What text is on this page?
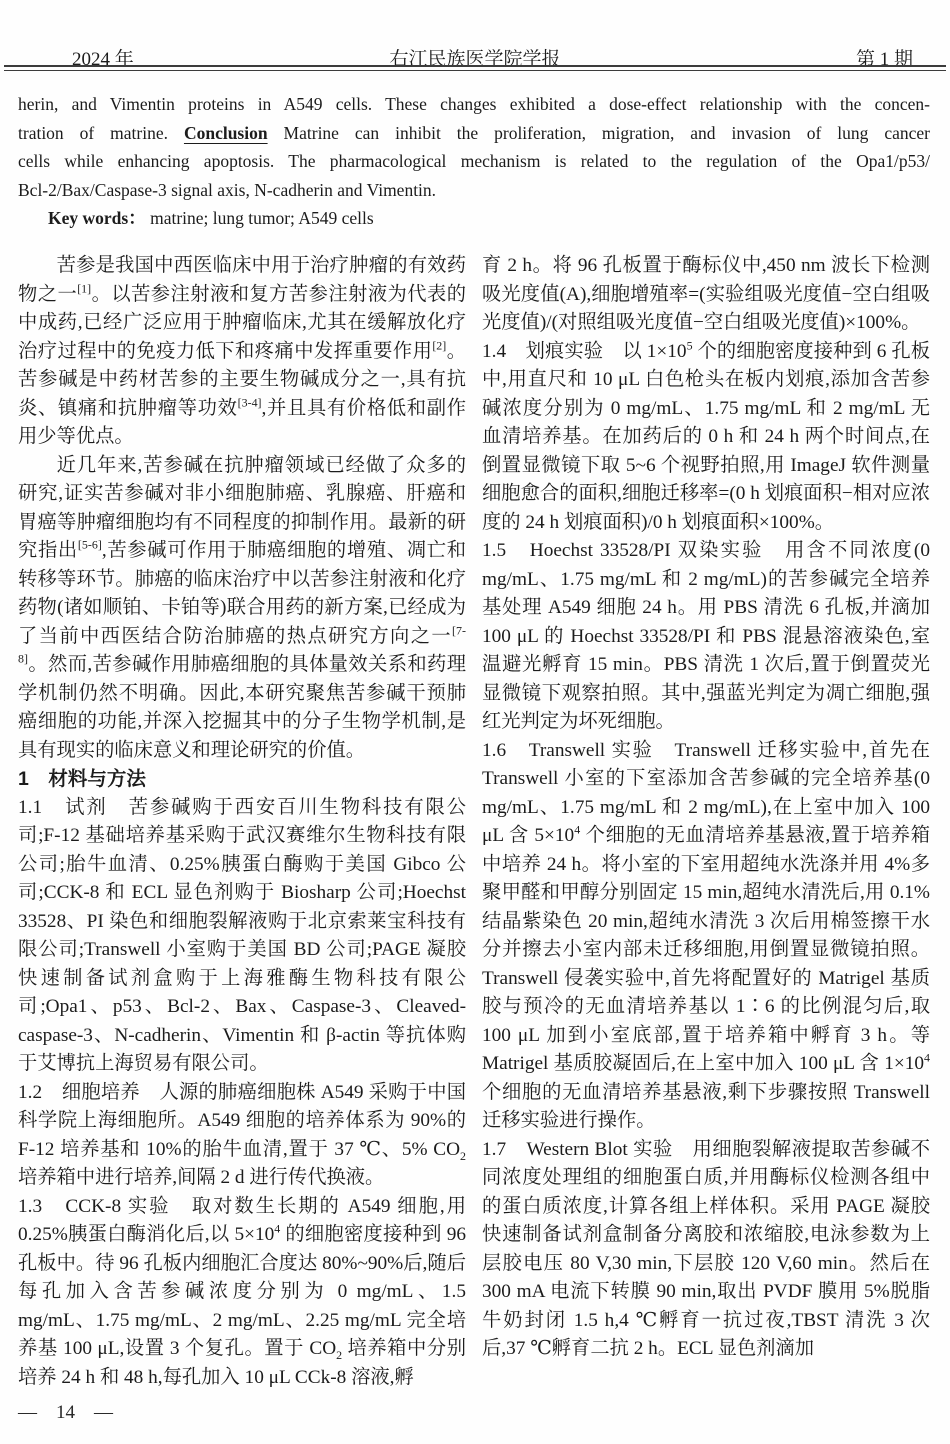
2024 年	右江民族医学院学报	第 1 期
herin, and Vimentin proteins in A549 cells. These changes exhibited a dose-effect relationship with the concen-
tration of matrine. Conclusion Matrine can inhibit the proliferation, migration, and invasion of lung cancer
cells while enhancing apoptosis. The pharmacological mechanism is related to the regulation of the Opa1/p53/
Bcl-2/Bax/Caspase-3 signal axis, N-cadherin and Vimentin.
Key words： matrine; lung tumor; A549 cells

苦参是我国中西医临床中用于治疗肿瘤的有效药物之一[1]。以苦参注射液和复方苦参注射液为代表的中成药,已经广泛应用于肿瘤临床,尤其在缓解放化疗治疗过程中的免疫力低下和疼痛中发挥重要作用[2]。苦参碱是中药材苦参的主要生物碱成分之一,具有抗炎、镇痛和抗肿瘤等功效[3-4],并且具有价格低和副作用少等优点。

近几年来,苦参碱在抗肿瘤领域已经做了众多的研究,证实苦参碱对非小细胞肺癌、乳腺癌、肝癌和胃癌等肿瘤细胞均有不同程度的抑制作用。最新的研究指出[5-6],苦参碱可作用于肺癌细胞的增殖、凋亡和转移等环节。肺癌的临床治疗中以苦参注射液和化疗药物(诸如顺铂、卡铂等)联合用药的新方案,已经成为了当前中西医结合防治肺癌的热点研究方向之一[7-8]。然而,苦参碱作用肺癌细胞的具体量效关系和药理学机制仍然不明确。因此,本研究聚焦苦参碱干预肺癌细胞的功能,并深入挖掘其中的分子生物学机制,是具有现实的临床意义和理论研究的价值。

1　材料与方法

1.1　试剂　苦参碱购于西安百川生物科技有限公司;F-12 基础培养基采购于武汉赛维尔生物科技有限公司;胎牛血清、0.25%胰蛋白酶购于美国 Gibco 公司;CCK-8 和 ECL 显色剂购于 Biosharp 公司;Hoechst 33528、PI 染色和细胞裂解液购于北京索莱宝科技有限公司;Transwell 小室购于美国 BD 公司;PAGE 凝胶快速制备试剂盒购于上海雅酶生物科技有限公司;Opa1、p53、Bcl-2、Bax、Caspase-3、Cleaved-caspase-3、N-cadherin、Vimentin 和 β-actin 等抗体购于艾博抗上海贸易有限公司。

1.2　细胞培养　人源的肺癌细胞株 A549 采购于中国科学院上海细胞所。A549 细胞的培养体系为 90%的 F-12 培养基和 10%的胎牛血清,置于 37 ℃、5% $CO_2$ 培养箱中进行培养,间隔 2 d 进行传代换液。

1.3　CCK-8 实验　取对数生长期的 A549 细胞,用 0.25%胰蛋白酶消化后,以 $5\times 10^4$ 的细胞密度接种到 96 孔板中。待 96 孔板内细胞汇合度达 80%~90%后,随后每孔加入含苦参碱浓度分别为 0 mg/mL、1.5 mg/mL、1.75 mg/mL、2 mg/mL、2.25 mg/mL 完全培养基 100 μL,设置 3 个复孔。置于 $CO_2$ 培养箱中分别培养 24 h 和 48 h,每孔加入 10 μL CCk-8 溶液,孵

育 2 h。将 96 孔板置于酶标仪中,450 nm 波长下检测吸光度值(A),细胞增殖率=(实验组吸光度值−空白组吸光度值)/(对照组吸光度值−空白组吸光度值)×100%。

1.4　划痕实验　以 $1\times 10^5$ 个的细胞密度接种到 6 孔板中,用直尺和 10 μL 白色枪头在板内划痕,添加含苦参碱浓度分别为 0 mg/mL、1.75 mg/mL 和 2 mg/mL 无血清培养基。在加药后的 0 h 和 24 h 两个时间点,在倒置显微镜下取 5~6 个视野拍照,用 ImageJ 软件测量细胞愈合的面积,细胞迁移率=(0 h 划痕面积−相对应浓度的 24 h 划痕面积)/0 h 划痕面积×100%。

1.5　Hoechst 33528/PI 双染实验　用含不同浓度(0 mg/mL、1.75 mg/mL 和 2 mg/mL)的苦参碱完全培养基处理 A549 细胞 24 h。用 PBS 清洗 6 孔板,并滴加 100 μL 的 Hoechst 33528/PI 和 PBS 混悬溶液染色,室温避光孵育 15 min。PBS 清洗 1 次后,置于倒置荧光显微镜下观察拍照。其中,强蓝光判定为凋亡细胞,强红光判定为坏死细胞。

1.6　Transwell 实验　Transwell 迁移实验中,首先在 Transwell 小室的下室添加含苦参碱的完全培养基(0 mg/mL、1.75 mg/mL 和 2 mg/mL),在上室中加入 100 μL 含 $5\times 10^4$ 个细胞的无血清培养基悬液,置于培养箱中培养 24 h。将小室的下室用超纯水洗涤并用 4%多聚甲醛和甲醇分别固定 15 min,超纯水清洗后,用 0.1%结晶紫染色 20 min,超纯水清洗 3 次后用棉签擦干水分并擦去小室内部未迁移细胞,用倒置显微镜拍照。Transwell 侵袭实验中,首先将配置好的 Matrigel 基质胶与预冷的无血清培养基以 1∶6 的比例混匀后,取 100 μL 加到小室底部,置于培养箱中孵育 3 h。等 Matrigel 基质胶凝固后,在上室中加入 100 μL 含 $1\times 10^4$ 个细胞的无血清培养基悬液,剩下步骤按照 Transwell 迁移实验进行操作。

1.7　Western Blot 实验　用细胞裂解液提取苦参碱不同浓度处理组的细胞蛋白质,并用酶标仪检测各组中的蛋白质浓度,计算各组上样体积。采用 PAGE 凝胶快速制备试剂盒制备分离胶和浓缩胶,电泳参数为上层胶电压 80 V,30 min,下层胶 120 V,60 min。然后在 300 mA 电流下转膜 90 min,取出 PVDF 膜用 5%脱脂牛奶封闭 1.5 h,4 ℃孵育一抗过夜,TBST 清洗 3 次后,37 ℃孵育二抗 2 h。ECL 显色剂滴加

—　14　—
